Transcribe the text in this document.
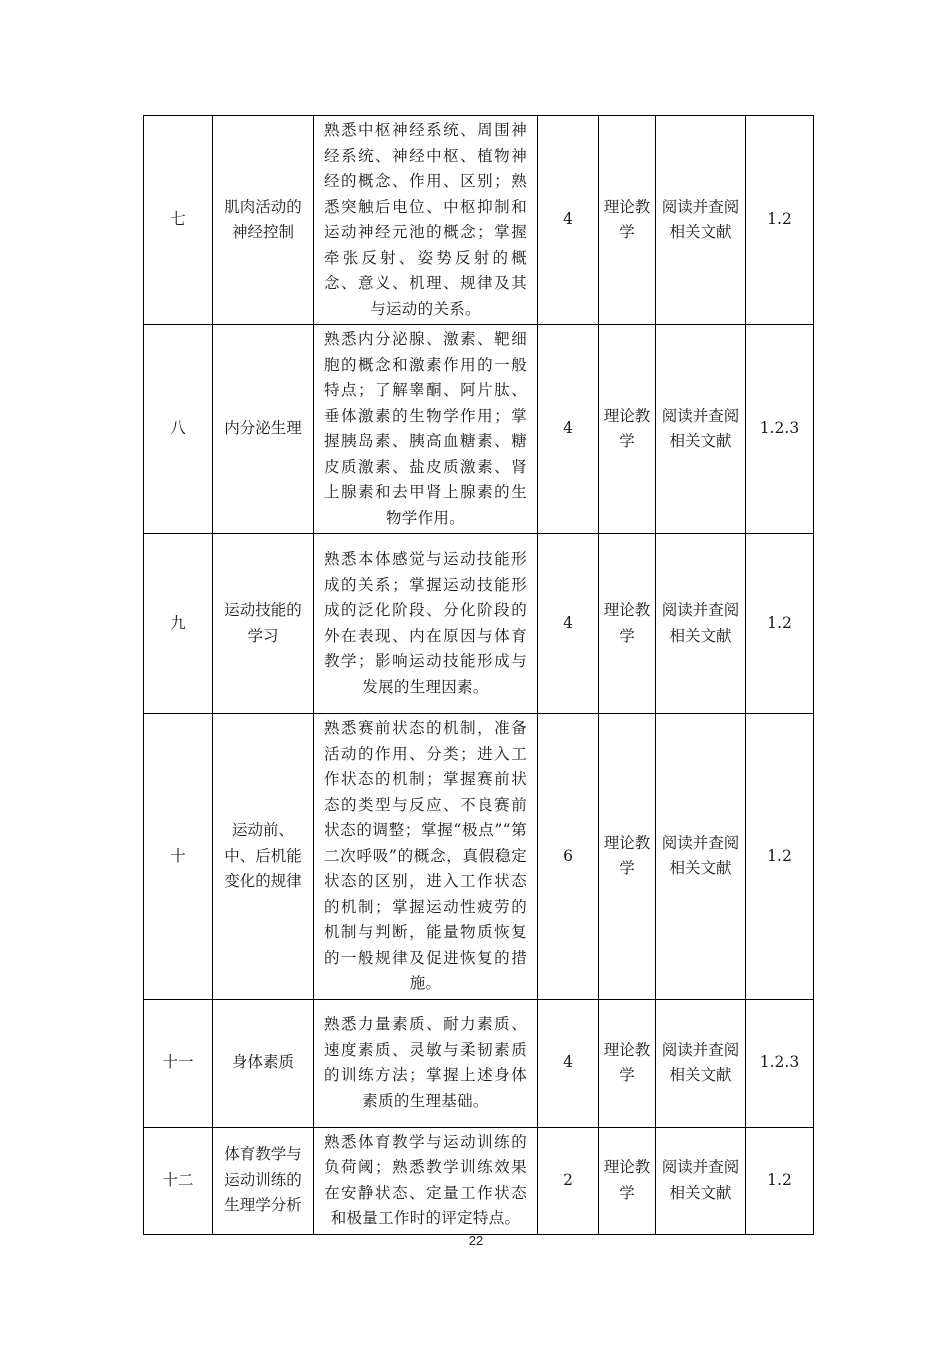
七	肌肉活动的神经控制	熟悉中枢神经系统、周围神经系统、神经中枢、植物神经的概念、作用、区别；熟悉突触后电位、中枢抑制和运动神经元池的概念；掌握牵张反射、姿势反射的概念、意义、机理、规律及其与运动的关系。	4	理论教学	阅读并查阅相关文献	1.2
八	内分泌生理	熟悉内分泌腺、激素、靶细胞的概念和激素作用的一般特点；了解睾酮、阿片肽、垂体激素的生物学作用；掌握胰岛素、胰高血糖素、糖皮质激素、盐皮质激素、肾上腺素和去甲肾上腺素的生物学作用。	4	理论教学	阅读并查阅相关文献	1.2.3
九	运动技能的学习	熟悉本体感觉与运动技能形成的关系；掌握运动技能形成的泛化阶段、分化阶段的外在表现、内在原因与体育教学；影响运动技能形成与发展的生理因素。	4	理论教学	阅读并查阅相关文献	1.2
十	运动前、中、后机能变化的规律	熟悉赛前状态的机制，准备活动的作用、分类；进入工作状态的机制；掌握赛前状态的类型与反应、不良赛前状态的调整；掌握“极点”“第二次呼吸”的概念，真假稳定状态的区别，进入工作状态的机制；掌握运动性疲劳的机制与判断，能量物质恢复的一般规律及促进恢复的措施。	6	理论教学	阅读并查阅相关文献	1.2
十一	身体素质	熟悉力量素质、耐力素质、速度素质、灵敏与柔韧素质的训练方法；掌握上述身体素质的生理基础。	4	理论教学	阅读并查阅相关文献	1.2.3
十二	体育教学与运动训练的生理学分析	熟悉体育教学与运动训练的负荷阈；熟悉教学训练效果在安静状态、定量工作状态和极量工作时的评定特点。	2	理论教学	阅读并查阅相关文献	1.2
22
